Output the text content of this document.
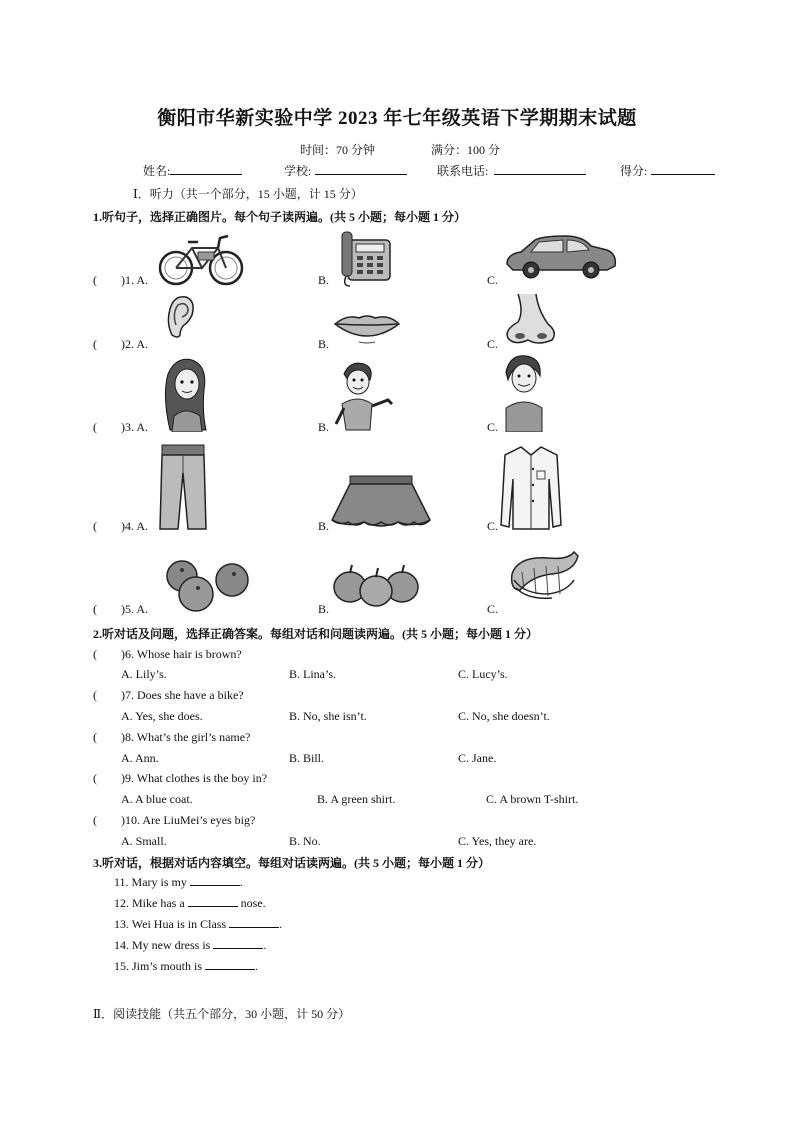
衡阳市华新实验中学 2023 年七年级英语下学期期末试题
时间：70 分钟	满分：100 分
姓名:	学校:	联系电话:	得分:
Ⅰ．听力（共一个部分，15 小题，计 15 分）
1.听句子，选择正确图片。每个句子读两遍。(共 5 小题；每小题 1 分）
( )1. A.	B.	C.
( )2. A.	B.	C.
( )3. A.	B.	C.
( )4. A.	B.	C.
( )5. A.	B.	C.
2.听对话及问题，选择正确答案。每组对话和问题读两遍。(共 5 小题；每小题 1 分）
( )6. Whose hair is brown?
A. Lily’s.	B. Lina’s.	C. Lucy’s.
( )7. Does she have a bike?
A. Yes, she does.	B. No, she isn’t.	C. No, she doesn’t.
( )8. What’s the girl’s name?
A. Ann.	B. Bill.	C. Jane.
( )9. What clothes is the boy in?
A. A blue coat.	B. A green shirt.	C. A brown T-shirt.
( )10. Are LiuMei’s eyes big?
A. Small.	B. No.	C. Yes, they are.
3.听对话，根据对话内容填空。每组对话读两遍。(共 5 小题；每小题 1 分）
11. Mary is my	.
12. Mike has a	nose.
13. Wei Hua is in Class	.
14. My new dress is	.
15. Jim’s mouth is	.
Ⅱ．阅读技能（共五个部分，30 小题，计 50 分）
